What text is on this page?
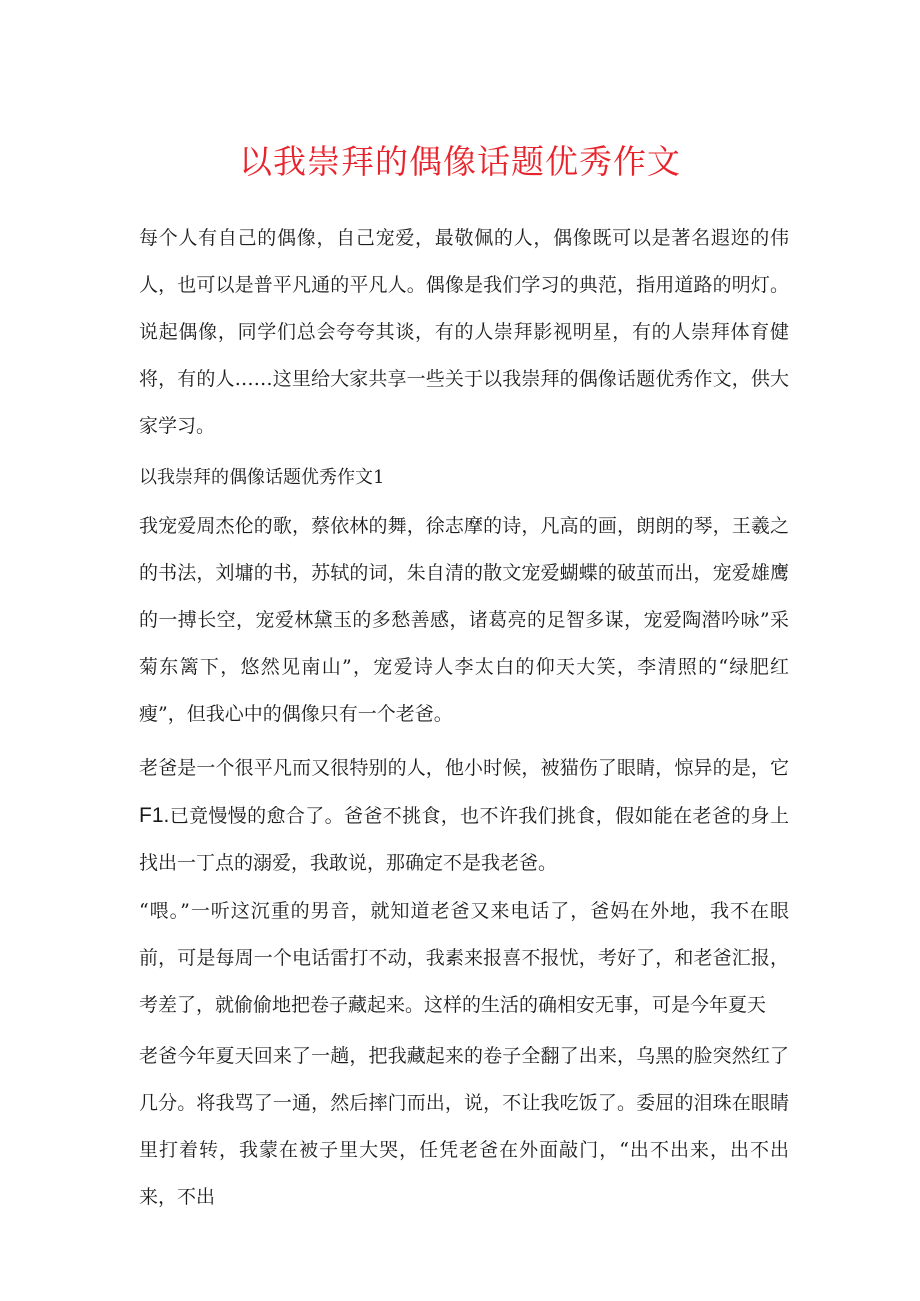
以我崇拜的偶像话题优秀作文

每个人有自己的偶像，自己宠爱，最敬佩的人，偶像既可以是著名遐迩的伟人，也可以是普平凡通的平凡人。偶像是我们学习的典范，指用道路的明灯。说起偶像，同学们总会夸夸其谈，有的人崇拜影视明星，有的人崇拜体育健将，有的人……这里给大家共享一些关于以我崇拜的偶像话题优秀作文，供大家学习。

以我崇拜的偶像话题优秀作文1

我宠爱周杰伦的歌，蔡依林的舞，徐志摩的诗，凡高的画，朗朗的琴，王羲之的书法，刘墉的书，苏轼的词，朱自清的散文宠爱蝴蝶的破茧而出，宠爱雄鹰的一搏长空，宠爱林黛玉的多愁善感，诸葛亮的足智多谋，宠爱陶潜吟咏”采菊东篱下，悠然见南山”，宠爱诗人李太白的仰天大笑，李清照的“绿肥红瘦”，但我心中的偶像只有一个老爸。

老爸是一个很平凡而又很特别的人，他小时候，被猫伤了眼睛，惊异的是，它F1.已竟慢慢的愈合了。爸爸不挑食，也不许我们挑食，假如能在老爸的身上找出一丁点的溺爱，我敢说，那确定不是我老爸。

“喂。”一听这沉重的男音，就知道老爸又来电话了，爸妈在外地，我不在眼前，可是每周一个电话雷打不动，我素来报喜不报忧，考好了，和老爸汇报，考差了，就偷偷地把卷子藏起来。这样的生活的确相安无事，可是今年夏天

老爸今年夏天回来了一趟，把我藏起来的卷子全翻了出来，乌黑的脸突然红了几分。将我骂了一通，然后摔门而出，说，不让我吃饭了。委屈的泪珠在眼睛里打着转，我蒙在被子里大哭，任凭老爸在外面敲门，“出不出来，出不出来，不出
